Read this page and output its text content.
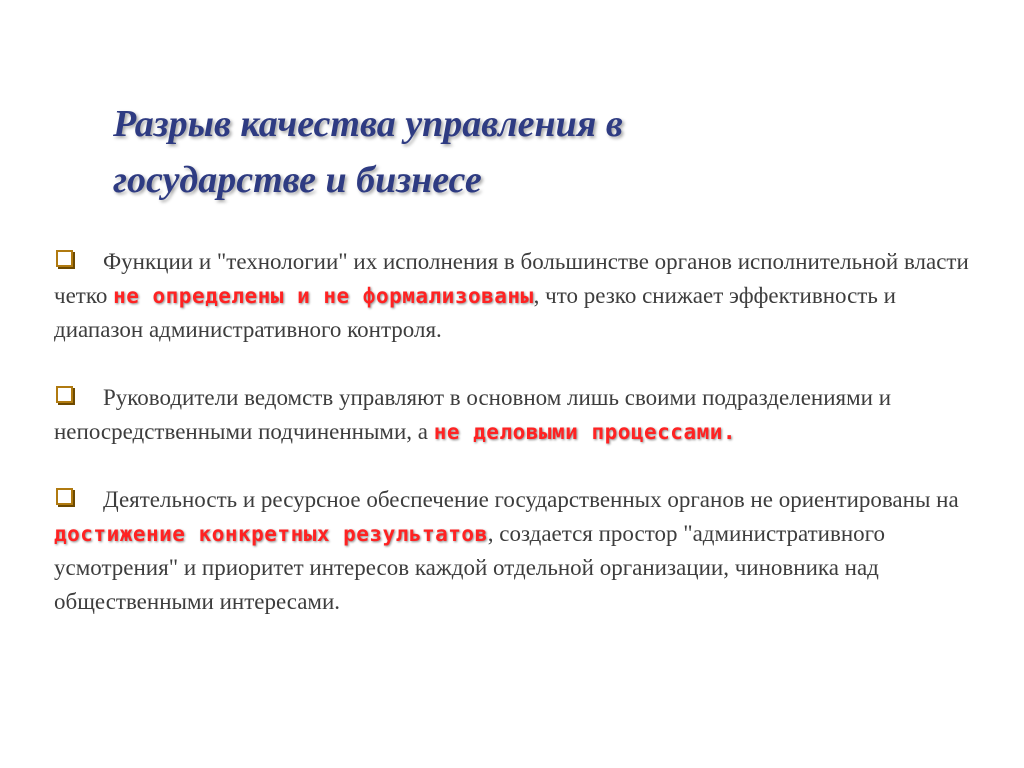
Разрыв качества управления в
государстве и бизнесе

Функции и "технологии" их исполнения в большинстве органов исполнительной власти четко не определены и не формализованы, что резко снижает эффективность и диапазон административного контроля.

Руководители ведомств управляют в основном лишь своими подразделениями и непосредственными подчиненными, а не деловыми процессами.

Деятельность и ресурсное обеспечение государственных органов не ориентированы на достижение конкретных результатов, создается простор "административного усмотрения" и приоритет интересов каждой отдельной организации, чиновника над общественными интересами.
